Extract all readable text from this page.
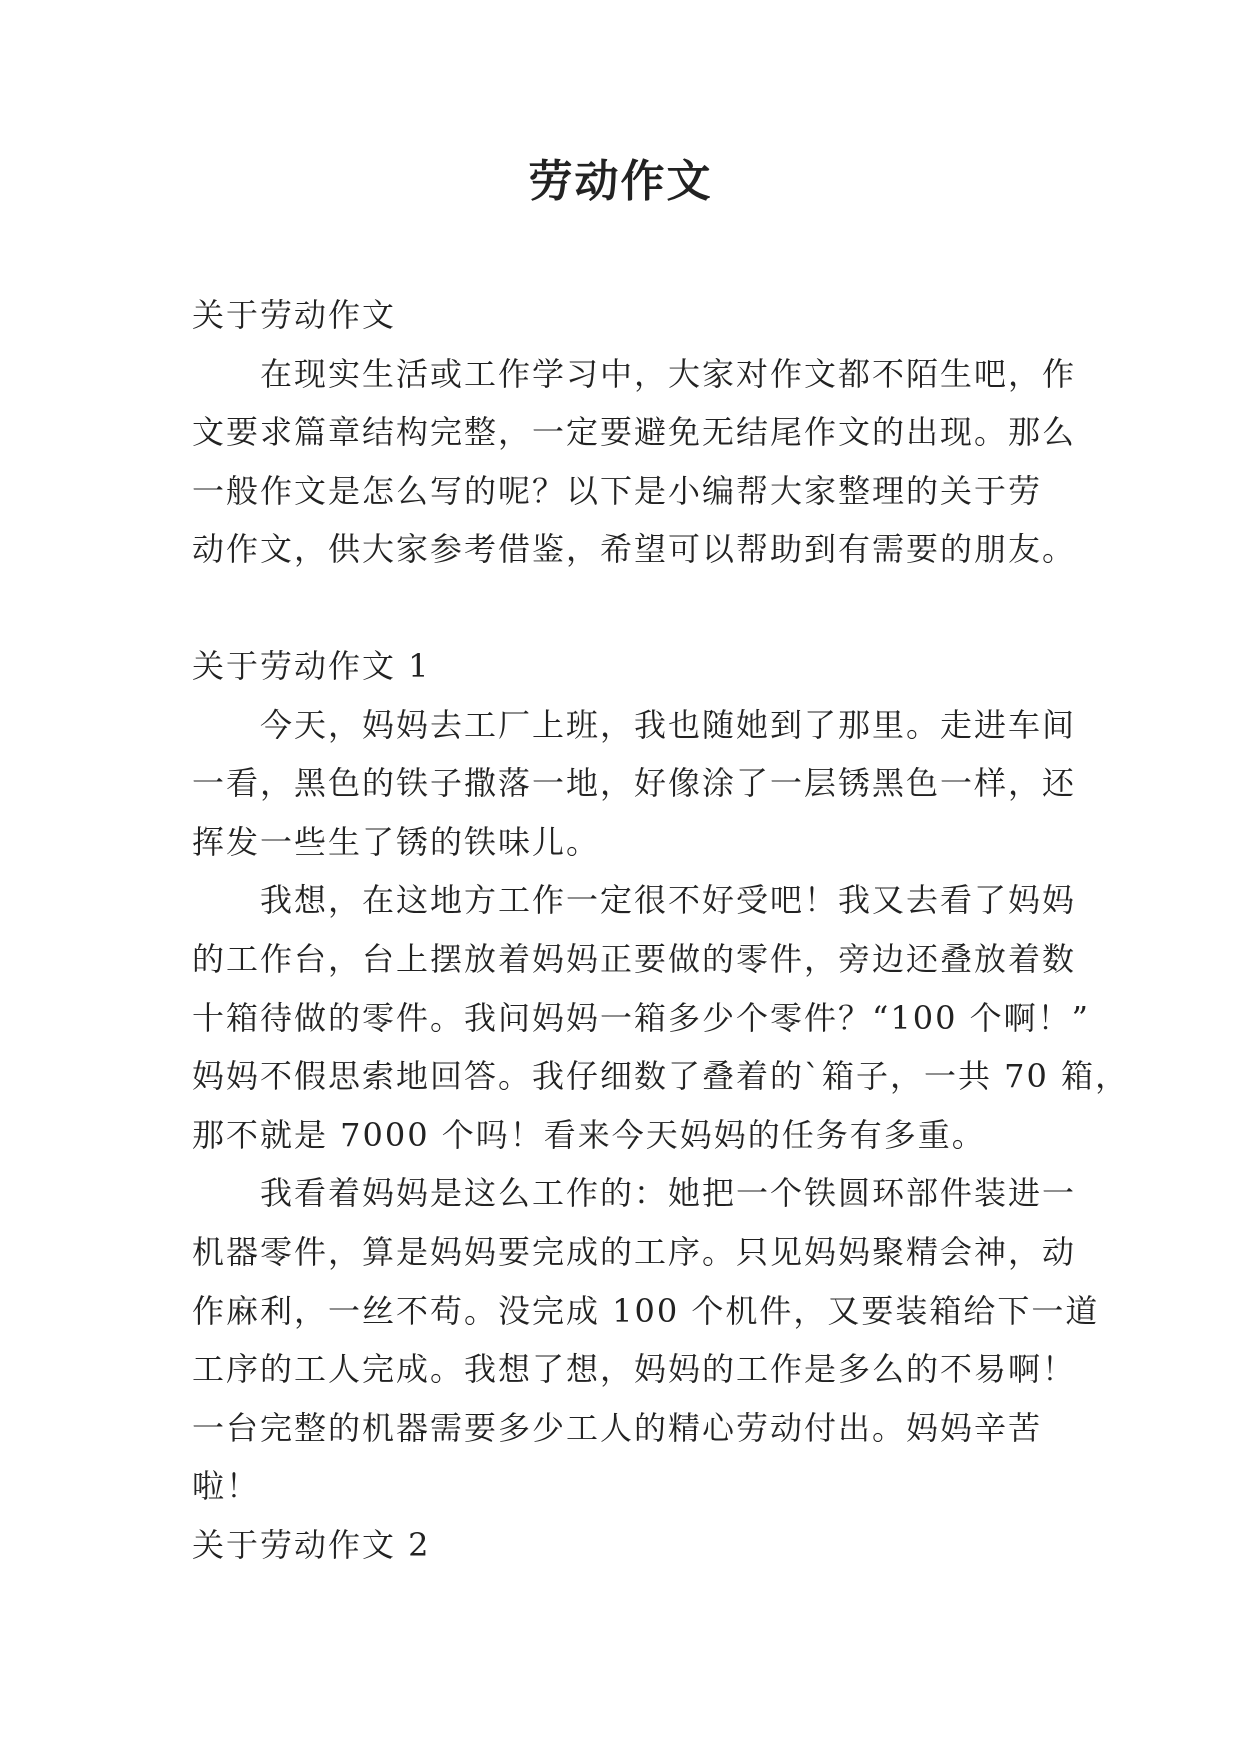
劳动作文

关于劳动作文

在现实生活或工作学习中，大家对作文都不陌生吧，作

文要求篇章结构完整，一定要避免无结尾作文的出现。那么

一般作文是怎么写的呢？以下是小编帮大家整理的关于劳

动作文，供大家参考借鉴，希望可以帮助到有需要的朋友。

关于劳动作文 1

今天，妈妈去工厂上班，我也随她到了那里。走进车间

一看，黑色的铁子撒落一地，好像涂了一层锈黑色一样，还

挥发一些生了锈的铁味儿。

我想，在这地方工作一定很不好受吧！我又去看了妈妈

的工作台，台上摆放着妈妈正要做的零件，旁边还叠放着数

十箱待做的零件。我问妈妈一箱多少个零件？“100 个啊！”

妈妈不假思索地回答。我仔细数了叠着的`箱子，一共 70 箱，

那不就是 7000 个吗！看来今天妈妈的任务有多重。

我看着妈妈是这么工作的：她把一个铁圆环部件装进一

机器零件，算是妈妈要完成的工序。只见妈妈聚精会神，动

作麻利，一丝不苟。没完成 100 个机件，又要装箱给下一道

工序的工人完成。我想了想，妈妈的工作是多么的不易啊！

一台完整的机器需要多少工人的精心劳动付出。妈妈辛苦

啦！

关于劳动作文 2
